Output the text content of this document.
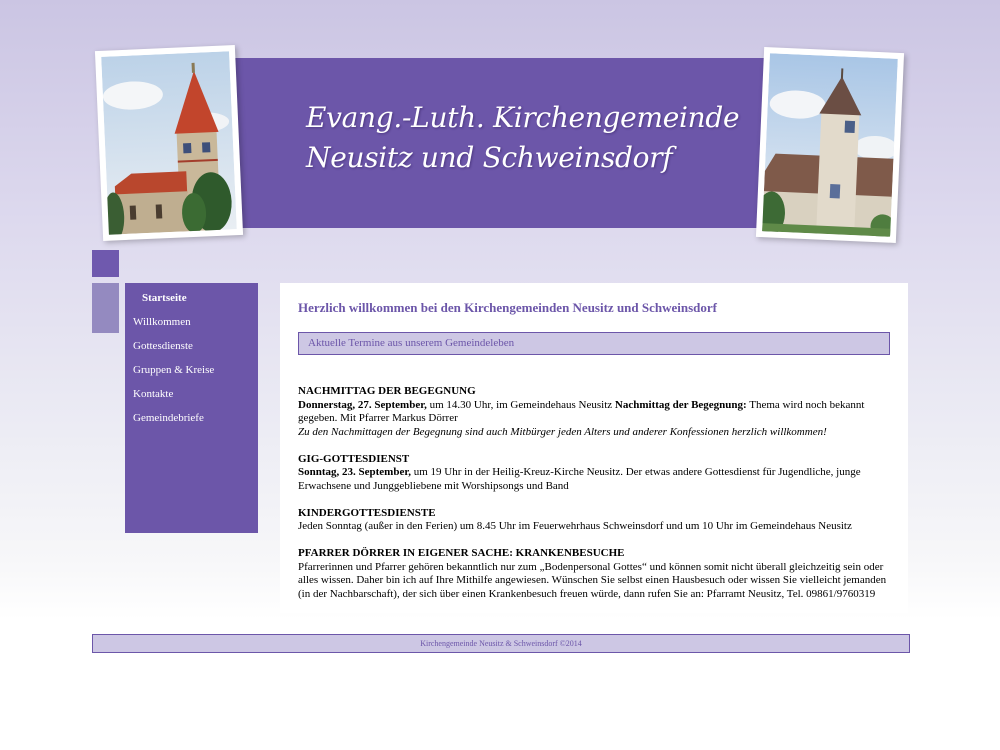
Evang.-Luth. Kirchengemeinde
Neusitz und Schweinsdorf
Startseite
Willkommen
Gottesdienste
Gruppen & Kreise
Kontakte
Gemeindebriefe
Herzlich willkommen bei den Kirchengemeinden Neusitz und Schweinsdorf
Aktuelle Termine aus unserem Gemeindeleben
NACHMITTAG DER BEGEGNUNG

Donnerstag, 27. September, um 14.30 Uhr, im Gemeindehaus Neusitz Nachmittag der Begegnung: Thema wird noch bekannt gegeben. Mit Pfarrer Markus Dörrer
Zu den Nachmittagen der Begegnung sind auch Mitbürger jeden Alters und anderer Konfessionen herzlich willkommen!

GIG-GOTTESDIENST

Sonntag, 23. September, um 19 Uhr in der Heilig-Kreuz-Kirche Neusitz. Der etwas andere Gottesdienst für Jugendliche, junge Erwachsene und Junggebliebene mit Worshipsongs und Band

KINDERGOTTESDIENSTE

Jeden Sonntag (außer in den Ferien) um 8.45 Uhr im Feuerwehrhaus Schweinsdorf und um 10 Uhr im Gemeindehaus Neusitz

PFARRER DÖRRER IN EIGENER SACHE: KRANKENBESUCHE

Pfarrerinnen und Pfarrer gehören bekanntlich nur zum „Bodenpersonal Gottes“ und können somit nicht überall gleichzeitig sein oder alles wissen. Daher bin ich auf Ihre Mithilfe angewiesen. Wünschen Sie selbst einen Hausbesuch oder wissen Sie vielleicht jemanden (in der Nachbarschaft), der sich über einen Krankenbesuch freuen würde, dann rufen Sie an: Pfarramt Neusitz, Tel. 09861/9760319

Kirchengemeinde Neusitz & Schweinsdorf ©2014
